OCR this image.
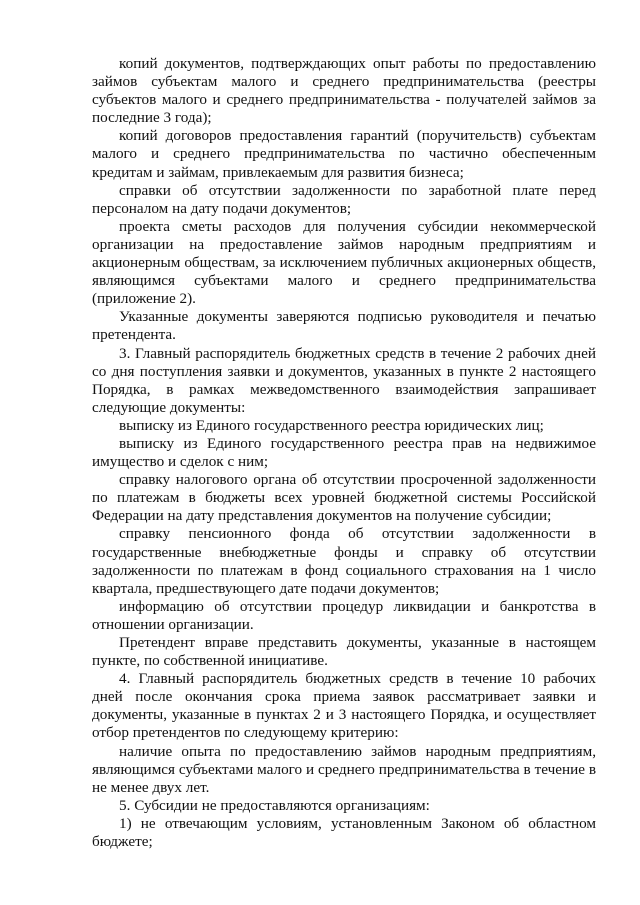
копий документов, подтверждающих опыт работы по предоставлению займов субъектам малого и среднего предпринимательства (реестры субъектов малого и среднего предпринимательства - получателей займов за последние 3 года);

копий договоров предоставления гарантий (поручительств) субъектам малого и среднего предпринимательства по частично обеспеченным кредитам и займам, привлекаемым для развития бизнеса;

справки об отсутствии задолженности по заработной плате перед персоналом на дату подачи документов;

проекта сметы расходов для получения субсидии некоммерческой организации на предоставление займов народным предприятиям и акционерным обществам, за исключением публичных акционерных обществ, являющимся субъектами малого и среднего предпринимательства (приложение 2).

Указанные документы заверяются подписью руководителя и печатью претендента.

3. Главный распорядитель бюджетных средств в течение 2 рабочих дней со дня поступления заявки и документов, указанных в пункте 2 настоящего Порядка, в рамках межведомственного взаимодействия запрашивает следующие документы:

выписку из Единого государственного реестра юридических лиц;

выписку из Единого государственного реестра прав на недвижимое имущество и сделок с ним;

справку налогового органа об отсутствии просроченной задолженности по платежам в бюджеты всех уровней бюджетной системы Российской Федерации на дату представления документов на получение субсидии;

справку пенсионного фонда об отсутствии задолженности в государственные внебюджетные фонды и справку об отсутствии задолженности по платежам в фонд социального страхования на 1 число квартала, предшествующего дате подачи документов;

информацию об отсутствии процедур ликвидации и банкротства в отношении организации.

Претендент вправе представить документы, указанные в настоящем пункте, по собственной инициативе.

4. Главный распорядитель бюджетных средств в течение 10 рабочих дней после окончания срока приема заявок рассматривает заявки и документы, указанные в пунктах 2 и 3 настоящего Порядка, и осуществляет отбор претендентов по следующему критерию:

наличие опыта по предоставлению займов народным предприятиям, являющимся субъектами малого и среднего предпринимательства в течение в не менее двух лет.

5. Субсидии не предоставляются организациям:

1) не отвечающим условиям, установленным Законом об областном бюджете;
